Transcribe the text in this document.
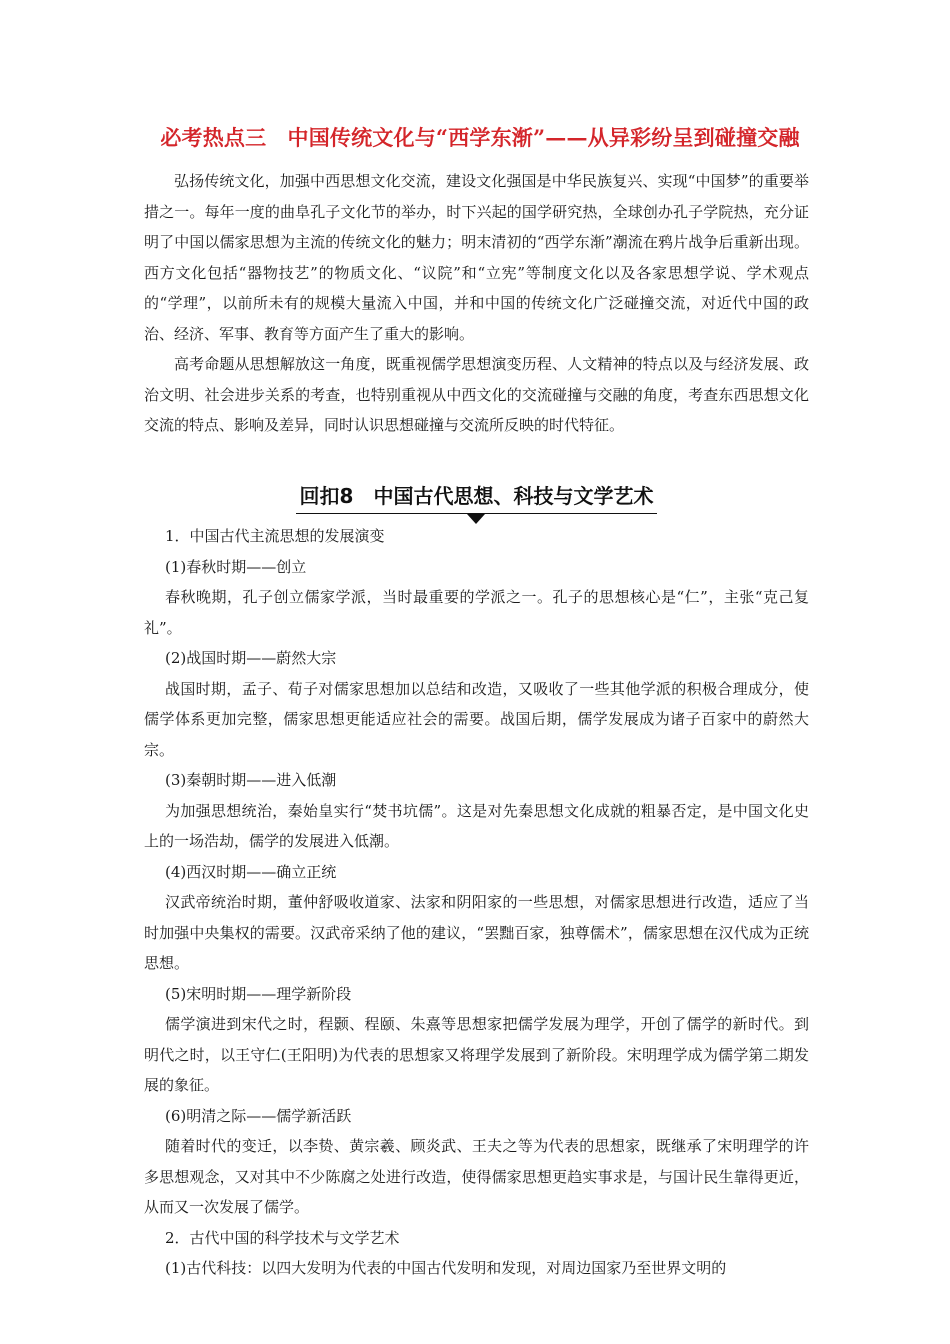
必考热点三　中国传统文化与“西学东渐”——从异彩纷呈到碰撞交融

弘扬传统文化，加强中西思想文化交流，建设文化强国是中华民族复兴、实现“中国梦”的重要举措之一。每年一度的曲阜孔子文化节的举办，时下兴起的国学研究热，全球创办孔子学院热，充分证明了中国以儒家思想为主流的传统文化的魅力；明末清初的“西学东渐”潮流在鸦片战争后重新出现。西方文化包括“器物技艺”的物质文化、“议院”和“立宪”等制度文化以及各家思想学说、学术观点的“学理”，以前所未有的规模大量流入中国，并和中国的传统文化广泛碰撞交流，对近代中国的政治、经济、军事、教育等方面产生了重大的影响。

高考命题从思想解放这一角度，既重视儒学思想演变历程、人文精神的特点以及与经济发展、政治文明、社会进步关系的考查，也特别重视从中西文化的交流碰撞与交融的角度，考查东西思想文化交流的特点、影响及差异，同时认识思想碰撞与交流所反映的时代特征。

回扣8　中国古代思想、科技与文学艺术

1．中国古代主流思想的发展演变

(1)春秋时期——创立

春秋晚期，孔子创立儒家学派，当时最重要的学派之一。孔子的思想核心是“仁”，主张“克己复礼”。

(2)战国时期——蔚然大宗

战国时期，孟子、荀子对儒家思想加以总结和改造，又吸收了一些其他学派的积极合理成分，使儒学体系更加完整，儒家思想更能适应社会的需要。战国后期，儒学发展成为诸子百家中的蔚然大宗。

(3)秦朝时期——进入低潮

为加强思想统治，秦始皇实行“焚书坑儒”。这是对先秦思想文化成就的粗暴否定，是中国文化史上的一场浩劫，儒学的发展进入低潮。

(4)西汉时期——确立正统

汉武帝统治时期，董仲舒吸收道家、法家和阴阳家的一些思想，对儒家思想进行改造，适应了当时加强中央集权的需要。汉武帝采纳了他的建议，“罢黜百家，独尊儒术”，儒家思想在汉代成为正统思想。

(5)宋明时期——理学新阶段

儒学演进到宋代之时，程颢、程颐、朱熹等思想家把儒学发展为理学，开创了儒学的新时代。到明代之时，以王守仁(王阳明)为代表的思想家又将理学发展到了新阶段。宋明理学成为儒学第二期发展的象征。

(6)明清之际——儒学新活跃

随着时代的变迁，以李贽、黄宗羲、顾炎武、王夫之等为代表的思想家，既继承了宋明理学的许多思想观念，又对其中不少陈腐之处进行改造，使得儒家思想更趋实事求是，与国计民生靠得更近，从而又一次发展了儒学。

2．古代中国的科学技术与文学艺术

(1)古代科技：以四大发明为代表的中国古代发明和发现，对周边国家乃至世界文明的
